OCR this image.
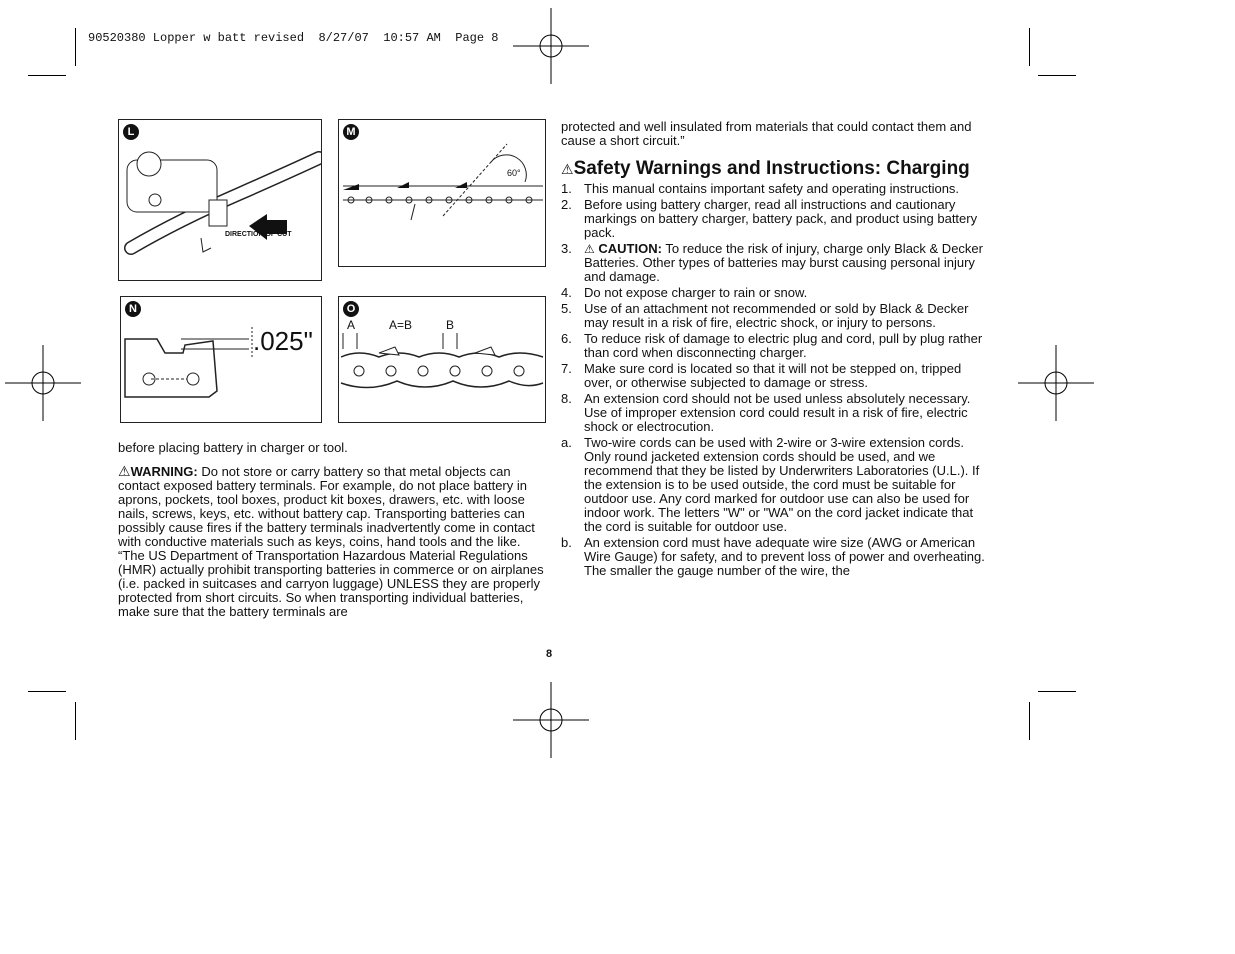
90520380 Lopper w batt revised  8/27/07  10:57 AM  Page 8
L
DIRECTION OF CUT
M
60°
N
.025"
O
A	A=B	B

before placing battery in charger or tool.

⚠WARNING: Do not store or carry battery so that metal objects can contact exposed battery terminals. For example, do not place battery in aprons, pockets, tool boxes, product kit boxes, drawers, etc. with loose nails, screws, keys, etc. without battery cap. Transporting batteries can possibly cause fires if the battery terminals inadvertently come in contact with conductive materials such as keys, coins, hand tools and the like. “The US Department of Transportation Hazardous Material Regulations (HMR) actually prohibit transporting batteries in commerce or on airplanes (i.e. packed in suitcases and carryon luggage) UNLESS they are properly protected from short circuits. So when transporting individual batteries, make sure that the battery terminals are

protected and well insulated from materials that could contact them and cause a short circuit.”

⚠Safety Warnings and Instructions: Charging
1. This manual contains important safety and operating instructions.
2. Before using battery charger, read all instructions and cautionary markings on battery charger, battery pack, and product using battery pack.
3. ⚠ CAUTION: To reduce the risk of injury, charge only Black & Decker Batteries. Other types of batteries may burst causing personal injury and damage.
4. Do not expose charger to rain or snow.
5. Use of an attachment not recommended or sold by Black & Decker may result in a risk of fire, electric shock, or injury to persons.
6. To reduce risk of damage to electric plug and cord, pull by plug rather than cord when disconnecting charger.
7. Make sure cord is located so that it will not be stepped on, tripped over, or otherwise subjected to damage or stress.
8. An extension cord should not be used unless absolutely necessary. Use of improper extension cord could result in a risk of fire, electric shock or electrocution.
a. Two-wire cords can be used with 2-wire or 3-wire extension cords. Only round jacketed extension cords should be used, and we recommend that they be listed by Underwriters Laboratories (U.L.). If the extension is to be used outside, the cord must be suitable for outdoor use. Any cord marked for outdoor use can also be used for indoor work. The letters "W" or "WA" on the cord jacket indicate that the cord is suitable for outdoor use.
b. An extension cord must have adequate wire size (AWG or American Wire Gauge) for safety, and to prevent loss of power and overheating. The smaller the gauge number of the wire, the
8
